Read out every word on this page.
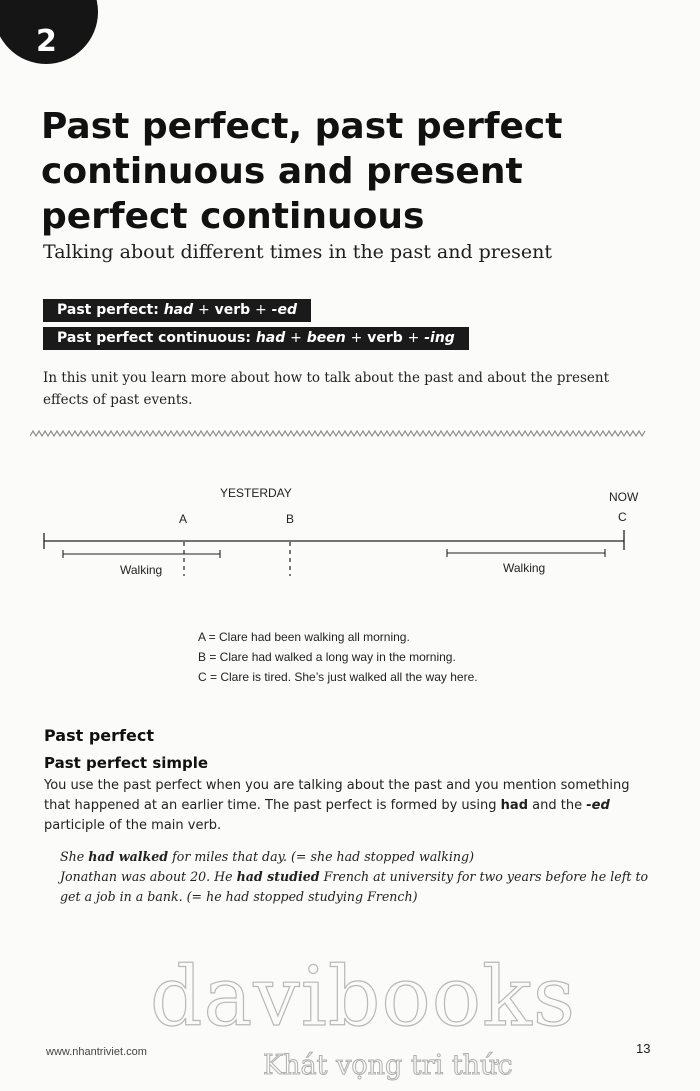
2
Past perfect, past perfect continuous and present perfect continuous
Talking about different times in the past and present
Past perfect: had + verb + -ed
Past perfect continuous: had + been + verb + -ing
In this unit you learn more about how to talk about the past and about the present effects of past events.
YESTERDAY	NOW
A	B	C
Walking	Walking
A = Clare had been walking all morning.
B = Clare had walked a long way in the morning.
C = Clare is tired. She’s just walked all the way here.
Past perfect
Past perfect simple
You use the past perfect when you are talking about the past and you mention something that happened at an earlier time. The past perfect is formed by using had and the -ed participle of the main verb.
She had walked for miles that day. (= she had stopped walking)
Jonathan was about 20. He had studied French at university for two years before he left to get a job in a bank. (= he had stopped studying French)
davibooks
Khát vọng tri thức
www.nhantriviet.com	13
